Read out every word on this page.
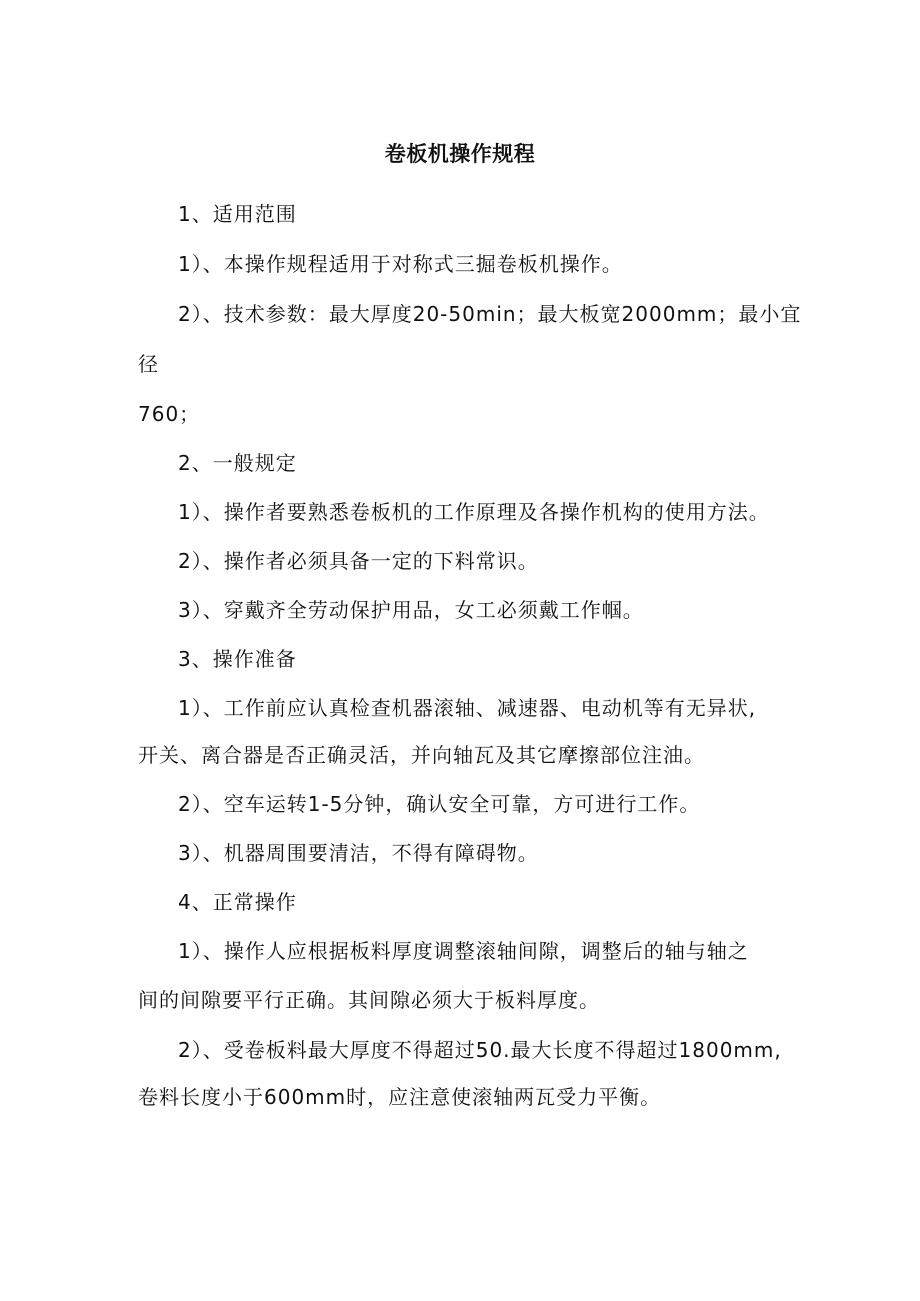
卷板机操作规程
1、适用范围
1）、本操作规程适用于对称式三掘卷板机操作。
2）、技术参数：最大厚度20-50min；最大板宽2000mm；最小宜
径
760；
2、一般规定
1）、操作者要熟悉卷板机的工作原理及各操作机构的使用方法。
2）、操作者必须具备一定的下料常识。
3）、穿戴齐全劳动保护用品，女工必须戴工作帼。
3、操作准备
1）、工作前应认真检查机器滚轴、减速器、电动机等有无异状,
开关、离合器是否正确灵活，并向轴瓦及其它摩擦部位注油。
2）、空车运转1-5分钟，确认安全可靠，方可进行工作。
3）、机器周围要清洁，不得有障碍物。
4、正常操作
1）、操作人应根据板料厚度调整滚轴间隙，调整后的轴与轴之
间的间隙要平行正确。其间隙必须大于板料厚度。
2）、受卷板料最大厚度不得超过50.最大长度不得超过1800mm,
卷料长度小于600mm时，应注意使滚轴两瓦受力平衡。
